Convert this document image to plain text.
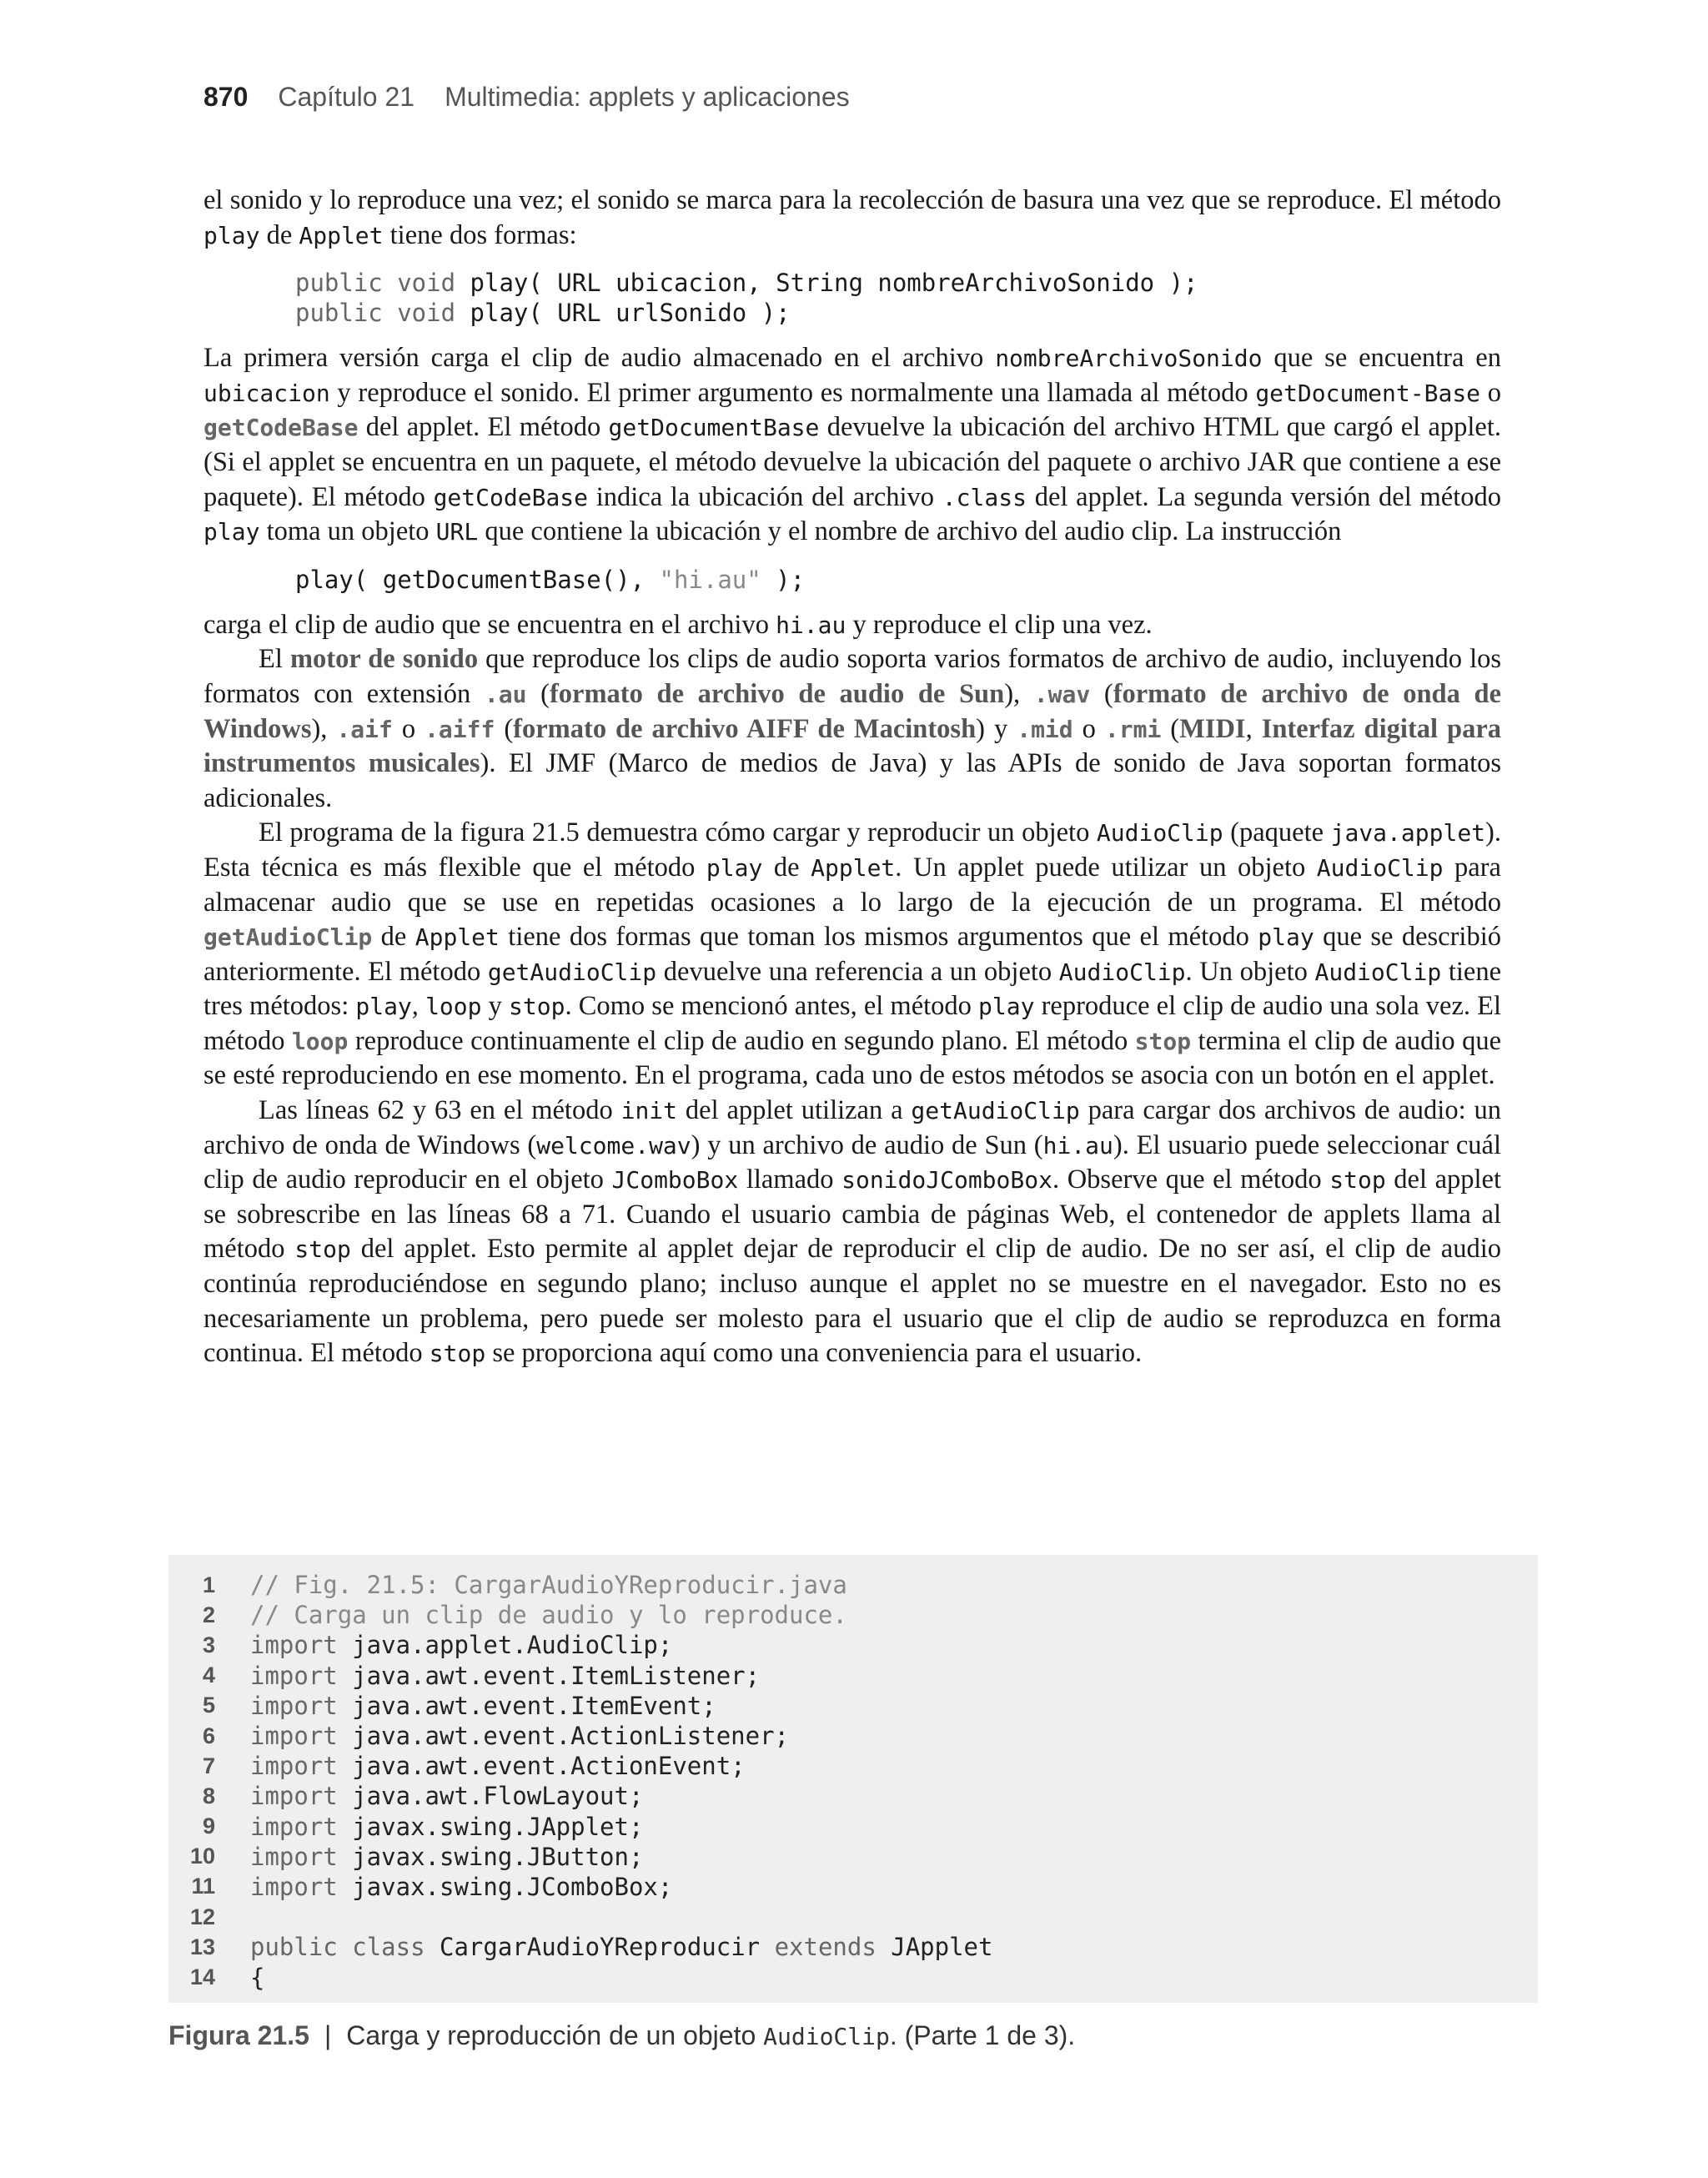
870 Capítulo 21 Multimedia: applets y aplicaciones

el sonido y lo reproduce una vez; el sonido se marca para la recolección de basura una vez que se reproduce. El método play de Applet tiene dos formas:

public void play( URL ubicacion, String nombreArchivoSonido );
public void play( URL urlSonido );

La primera versión carga el clip de audio almacenado en el archivo nombreArchivoSonido que se encuentra en ubicacion y reproduce el sonido. El primer argumento es normalmente una llamada al método getDocument-Base o getCodeBase del applet. El método getDocumentBase devuelve la ubicación del archivo HTML que cargó el applet. (Si el applet se encuentra en un paquete, el método devuelve la ubicación del paquete o archivo JAR que contiene a ese paquete). El método getCodeBase indica la ubicación del archivo .class del applet. La segunda versión del método play toma un objeto URL que contiene la ubicación y el nombre de archivo del audio clip. La instrucción

play( getDocumentBase(), "hi.au" );

carga el clip de audio que se encuentra en el archivo hi.au y reproduce el clip una vez.

El motor de sonido que reproduce los clips de audio soporta varios formatos de archivo de audio, incluyendo los formatos con extensión .au (formato de archivo de audio de Sun), .wav (formato de archivo de onda de Windows), .aif o .aiff (formato de archivo AIFF de Macintosh) y .mid o .rmi (MIDI, Interfaz digital para instrumentos musicales). El JMF (Marco de medios de Java) y las APIs de sonido de Java soportan formatos adicionales.

El programa de la figura 21.5 demuestra cómo cargar y reproducir un objeto AudioClip (paquete java.applet). Esta técnica es más flexible que el método play de Applet. Un applet puede utilizar un objeto AudioClip para almacenar audio que se use en repetidas ocasiones a lo largo de la ejecución de un programa. El método getAudioClip de Applet tiene dos formas que toman los mismos argumentos que el método play que se describió anteriormente. El método getAudioClip devuelve una referencia a un objeto AudioClip. Un objeto AudioClip tiene tres métodos: play, loop y stop. Como se mencionó antes, el método play reproduce el clip de audio una sola vez. El método loop reproduce continuamente el clip de audio en segundo plano. El método stop termina el clip de audio que se esté reproduciendo en ese momento. En el programa, cada uno de estos métodos se asocia con un botón en el applet.

Las líneas 62 y 63 en el método init del applet utilizan a getAudioClip para cargar dos archivos de audio: un archivo de onda de Windows (welcome.wav) y un archivo de audio de Sun (hi.au). El usuario puede seleccionar cuál clip de audio reproducir en el objeto JComboBox llamado sonidoJComboBox. Observe que el método stop del applet se sobrescribe en las líneas 68 a 71. Cuando el usuario cambia de páginas Web, el contenedor de applets llama al método stop del applet. Esto permite al applet dejar de reproducir el clip de audio. De no ser así, el clip de audio continúa reproduciéndose en segundo plano; incluso aunque el applet no se muestre en el navegador. Esto no es necesariamente un problema, pero puede ser molesto para el usuario que el clip de audio se reproduzca en forma continua. El método stop se proporciona aquí como una conveniencia para el usuario.

1 // Fig. 21.5: CargarAudioYReproducir.java
2 // Carga un clip de audio y lo reproduce.
3 import java.applet.AudioClip;
4 import java.awt.event.ItemListener;
5 import java.awt.event.ItemEvent;
6 import java.awt.event.ActionListener;
7 import java.awt.event.ActionEvent;
8 import java.awt.FlowLayout;
9 import javax.swing.JApplet;
10 import javax.swing.JButton;
11 import javax.swing.JComboBox;
12
13 public class CargarAudioYReproducir extends JApplet
14 {
Figura 21.5 | Carga y reproducción de un objeto AudioClip. (Parte 1 de 3).
